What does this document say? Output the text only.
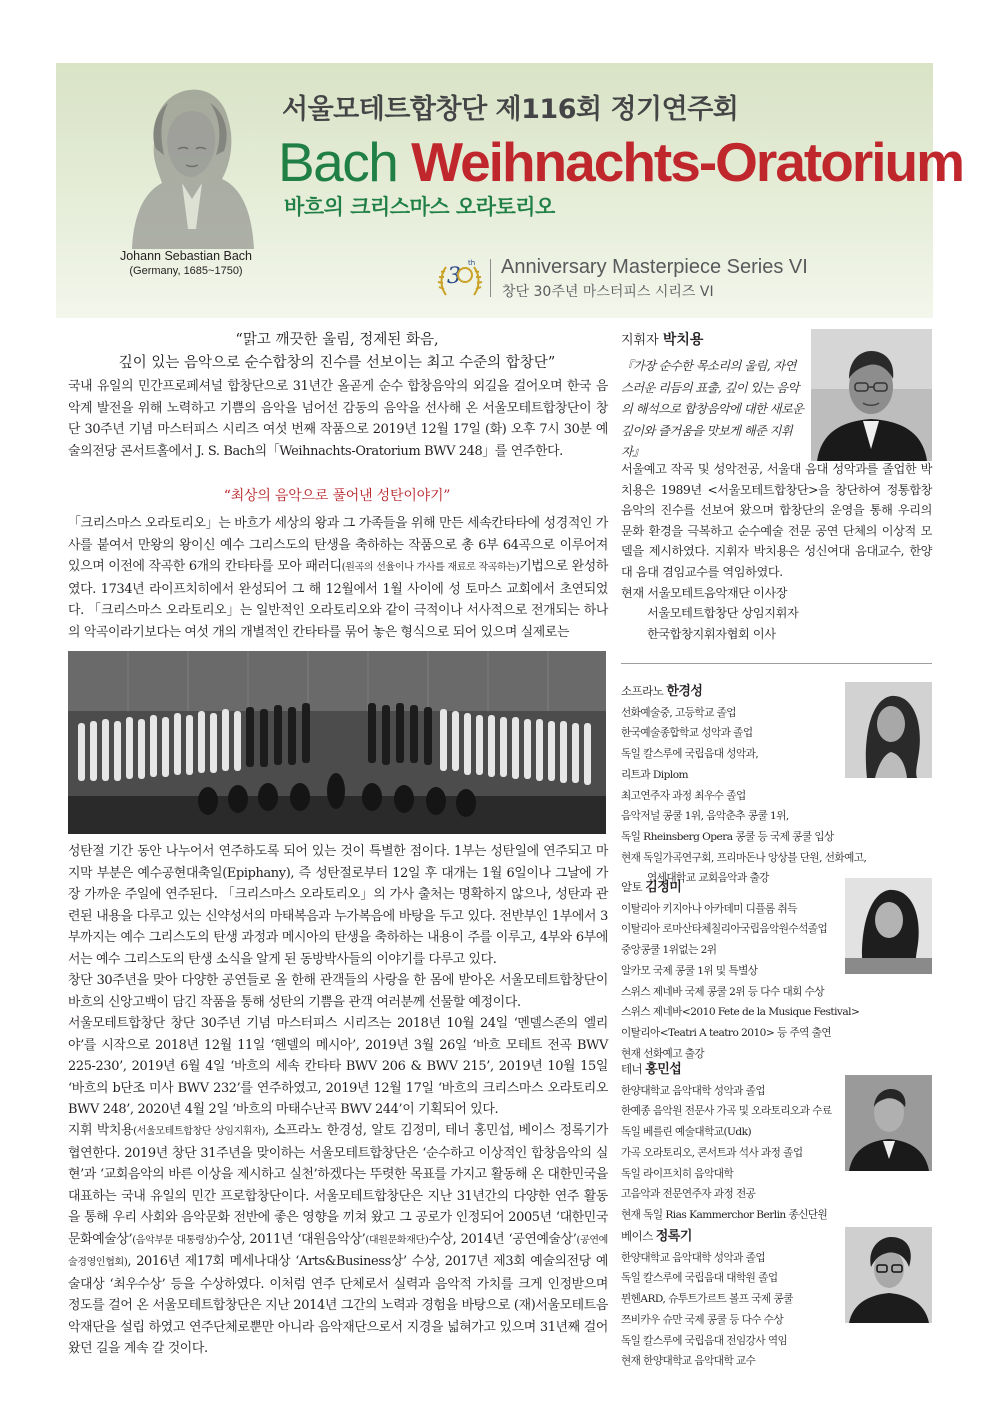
Johann Sebastian Bach
(Germany, 1685~1750)
서울모테트합창단 제116회 정기연주회
Bach Weihnachts-Oratorium
바흐의 크리스마스 오라토리오
3
th Anniversary Masterpiece Series VI
창단 30주년 마스터피스 시리즈 VI
“맑고 깨끗한 울림, 정제된 화음,
깊이 있는 음악으로 순수합창의 진수를 선보이는 최고 수준의 합창단”
국내 유일의 민간프로페셔널 합창단으로 31년간 올곧게 순수 합창음악의 외길을 걸어오며 한국 음악계 발전을 위해 노력하고 기쁨의 음악을 넘어선 감동의 음악을 선사해 온 서울모테트합창단이 창단 30주년 기념 마스터피스 시리즈 여섯 번째 작품으로 2019년 12월 17일 (화) 오후 7시 30분 예술의전당 콘서트홀에서 J. S. Bach의「Weihnachts-Oratorium BWV 248」를 연주한다.
“최상의 음악으로 풀어낸 성탄이야기”
「크리스마스 오라토리오」는 바흐가 세상의 왕과 그 가족들을 위해 만든 세속칸타타에 성경적인 가사를 붙여서 만왕의 왕이신 예수 그리스도의 탄생을 축하하는 작품으로 총 6부 64곡으로 이루어져 있으며 이전에 작곡한 6개의 칸타타를 모아 패러디(원곡의 선율이나 가사를 재료로 작곡하는)기법으로 완성하였다. 1734년 라이프치히에서 완성되어 그 해 12월에서 1월 사이에 성 토마스 교회에서 초연되었다. 「크리스마스 오라토리오」는 일반적인 오라토리오와 같이 극적이나 서사적으로 전개되는 하나의 악곡이라기보다는 여섯 개의 개별적인 칸타타를 묶어 놓은 형식으로 되어 있으며 실제로는
성탄절 기간 동안 나누어서 연주하도록 되어 있는 것이 특별한 점이다. 1부는 성탄일에 연주되고 마지막 부분은 예수공현대축일(Epiphany), 즉 성탄절로부터 12일 후 대개는 1월 6일이나 그날에 가장 가까운 주일에 연주된다. 「크리스마스 오라토리오」의 가사 출처는 명확하지 않으나, 성탄과 관련된 내용을 다루고 있는 신약성서의 마태복음과 누가복음에 바탕을 두고 있다. 전반부인 1부에서 3부까지는 예수 그리스도의 탄생 과정과 메시아의 탄생을 축하하는 내용이 주를 이루고, 4부와 6부에서는 예수 그리스도의 탄생 소식을 알게 된 동방박사들의 이야기를 다루고 있다.
창단 30주년을 맞아 다양한 공연들로 올 한해 관객들의 사랑을 한 몸에 받아온 서울모테트합창단이 바흐의 신앙고백이 담긴 작품을 통해 성탄의 기쁨을 관객 여러분께 선물할 예정이다.
서울모테트합창단 창단 30주년 기념 마스터피스 시리즈는 2018년 10월 24일 ‘멘델스존의 엘리야’를 시작으로 2018년 12월 11일 ‘헨델의 메시아’, 2019년 3월 26일 ‘바흐 모테트 전곡 BWV 225-230’, 2019년 6월 4일 ‘바흐의 세속 칸타타 BWV 206 & BWV 215’, 2019년 10월 15일 ‘바흐의 b단조 미사 BWV 232’를 연주하였고, 2019년 12월 17일 ‘바흐의 크리스마스 오라토리오 BWV 248’, 2020년 4월 2일 ‘바흐의 마태수난곡 BWV 244’이 기획되어 있다.
지휘 박치용(서울모테트합창단 상임지휘자), 소프라노 한경성, 알토 김정미, 테너 홍민섭, 베이스 정록기가 협연한다. 2019년 창단 31주년을 맞이하는 서울모테트합창단은 ‘순수하고 이상적인 합창음악의 실현’과 ‘교회음악의 바른 이상을 제시하고 실천’하겠다는 뚜렷한 목표를 가지고 활동해 온 대한민국을 대표하는 국내 유일의 민간 프로합창단이다. 서울모테트합창단은 지난 31년간의 다양한 연주 활동을 통해 우리 사회와 음악문화 전반에 좋은 영향을 끼쳐 왔고 그 공로가 인정되어 2005년 ‘대한민국문화예술상’(음악부문 대통령상)수상, 2011년 ‘대원음악상’(대원문화재단)수상, 2014년 ‘공연예술상’(공연예술경영인협회), 2016년 제17회 메세나대상 ‘Arts&Business상’ 수상, 2017년 제3회 예술의전당 예술대상 ‘최우수상’ 등을 수상하였다. 이처럼 연주 단체로서 실력과 음악적 가치를 크게 인정받으며 정도를 걸어 온 서울모테트합창단은 지난 2014년 그간의 노력과 경험을 바탕으로 (재)서울모테트음악재단을 설립 하였고 연주단체로뿐만 아니라 음악재단으로서 지경을 넓혀가고 있으며 31년째 걸어왔던 길을 계속 갈 것이다.
지휘자 박치용
『가장 순수한 목소리의 울림, 자연스러운 리듬의 표출, 깊이 있는 음악의 해석으로 합창음악에 대한 새로운 깊이와 즐거움을 맛보게 해준 지휘자』
서울예고 작곡 및 성악전공, 서울대 음대 성악과를 졸업한 박치용은 1989년 <서울모테트합창단>을 창단하여 정통합창음악의 진수를 선보여 왔으며 합창단의 운영을 통해 우리의 문화 환경을 극복하고 순수예술 전문 공연 단체의 이상적 모델을 제시하였다. 지휘자 박치용은 성신여대 음대교수, 한양대 음대 겸임교수를 역임하였다.
현재 서울모테트음악재단 이사장
서울모테트합창단 상임지휘자
한국합창지휘자협회 이사
소프라노 한경성
선화예술중, 고등학교 졸업
한국예술종합학교 성악과 졸업
독일 칼스루에 국립음대 성악과,
리트과 Diplom
최고연주자 과정 최우수 졸업
음악저널 콩쿨 1위, 음악춘추 콩쿨 1위,
독일 Rheinsberg Opera 콩쿨 등 국제 콩쿨 입상
현재 독일가곡연구회, 프리마돈나 앙상블 단원, 선화예고,
연세대학교 교회음악과 출강
알토 김정미
이탈리아 키지아나 아카데미 디플롬 취득
이탈리아 로마산타체칠리아국립음악원수석졸업
중앙콩쿨 1위없는 2위
알카모 국제 콩쿨 1위 및 특별상
스위스 제네바 국제 콩쿨 2위 등 다수 대회 수상
스위스 제네바<2010 Fete de la Musique Festival>
이탈리아<Teatri A teatro 2010> 등 주역 출연
현재 선화예고 출강
테너 홍민섭
한양대학교 음악대학 성악과 졸업
한예종 음악원 전문사 가곡 및 오라토리오과 수료
독일 베를린 예술대학교(Udk)
가곡 오라토리오, 콘서트과 석사 과정 졸업
독일 라이프치히 음악대학
고음악과 전문연주자 과정 전공
현재 독일 Rias Kammerchor Berlin 종신단원
베이스 정록기
한양대학교 음악대학 성악과 졸업
독일 칼스루에 국립음대 대학원 졸업
뮌헨ARD, 슈투트가르트 볼프 국제 콩쿨
쯔비카우 슈만 국제 콩쿨 등 다수 수상
독일 칼스루에 국립음대 전임강사 역임
현재 한양대학교 음악대학 교수
